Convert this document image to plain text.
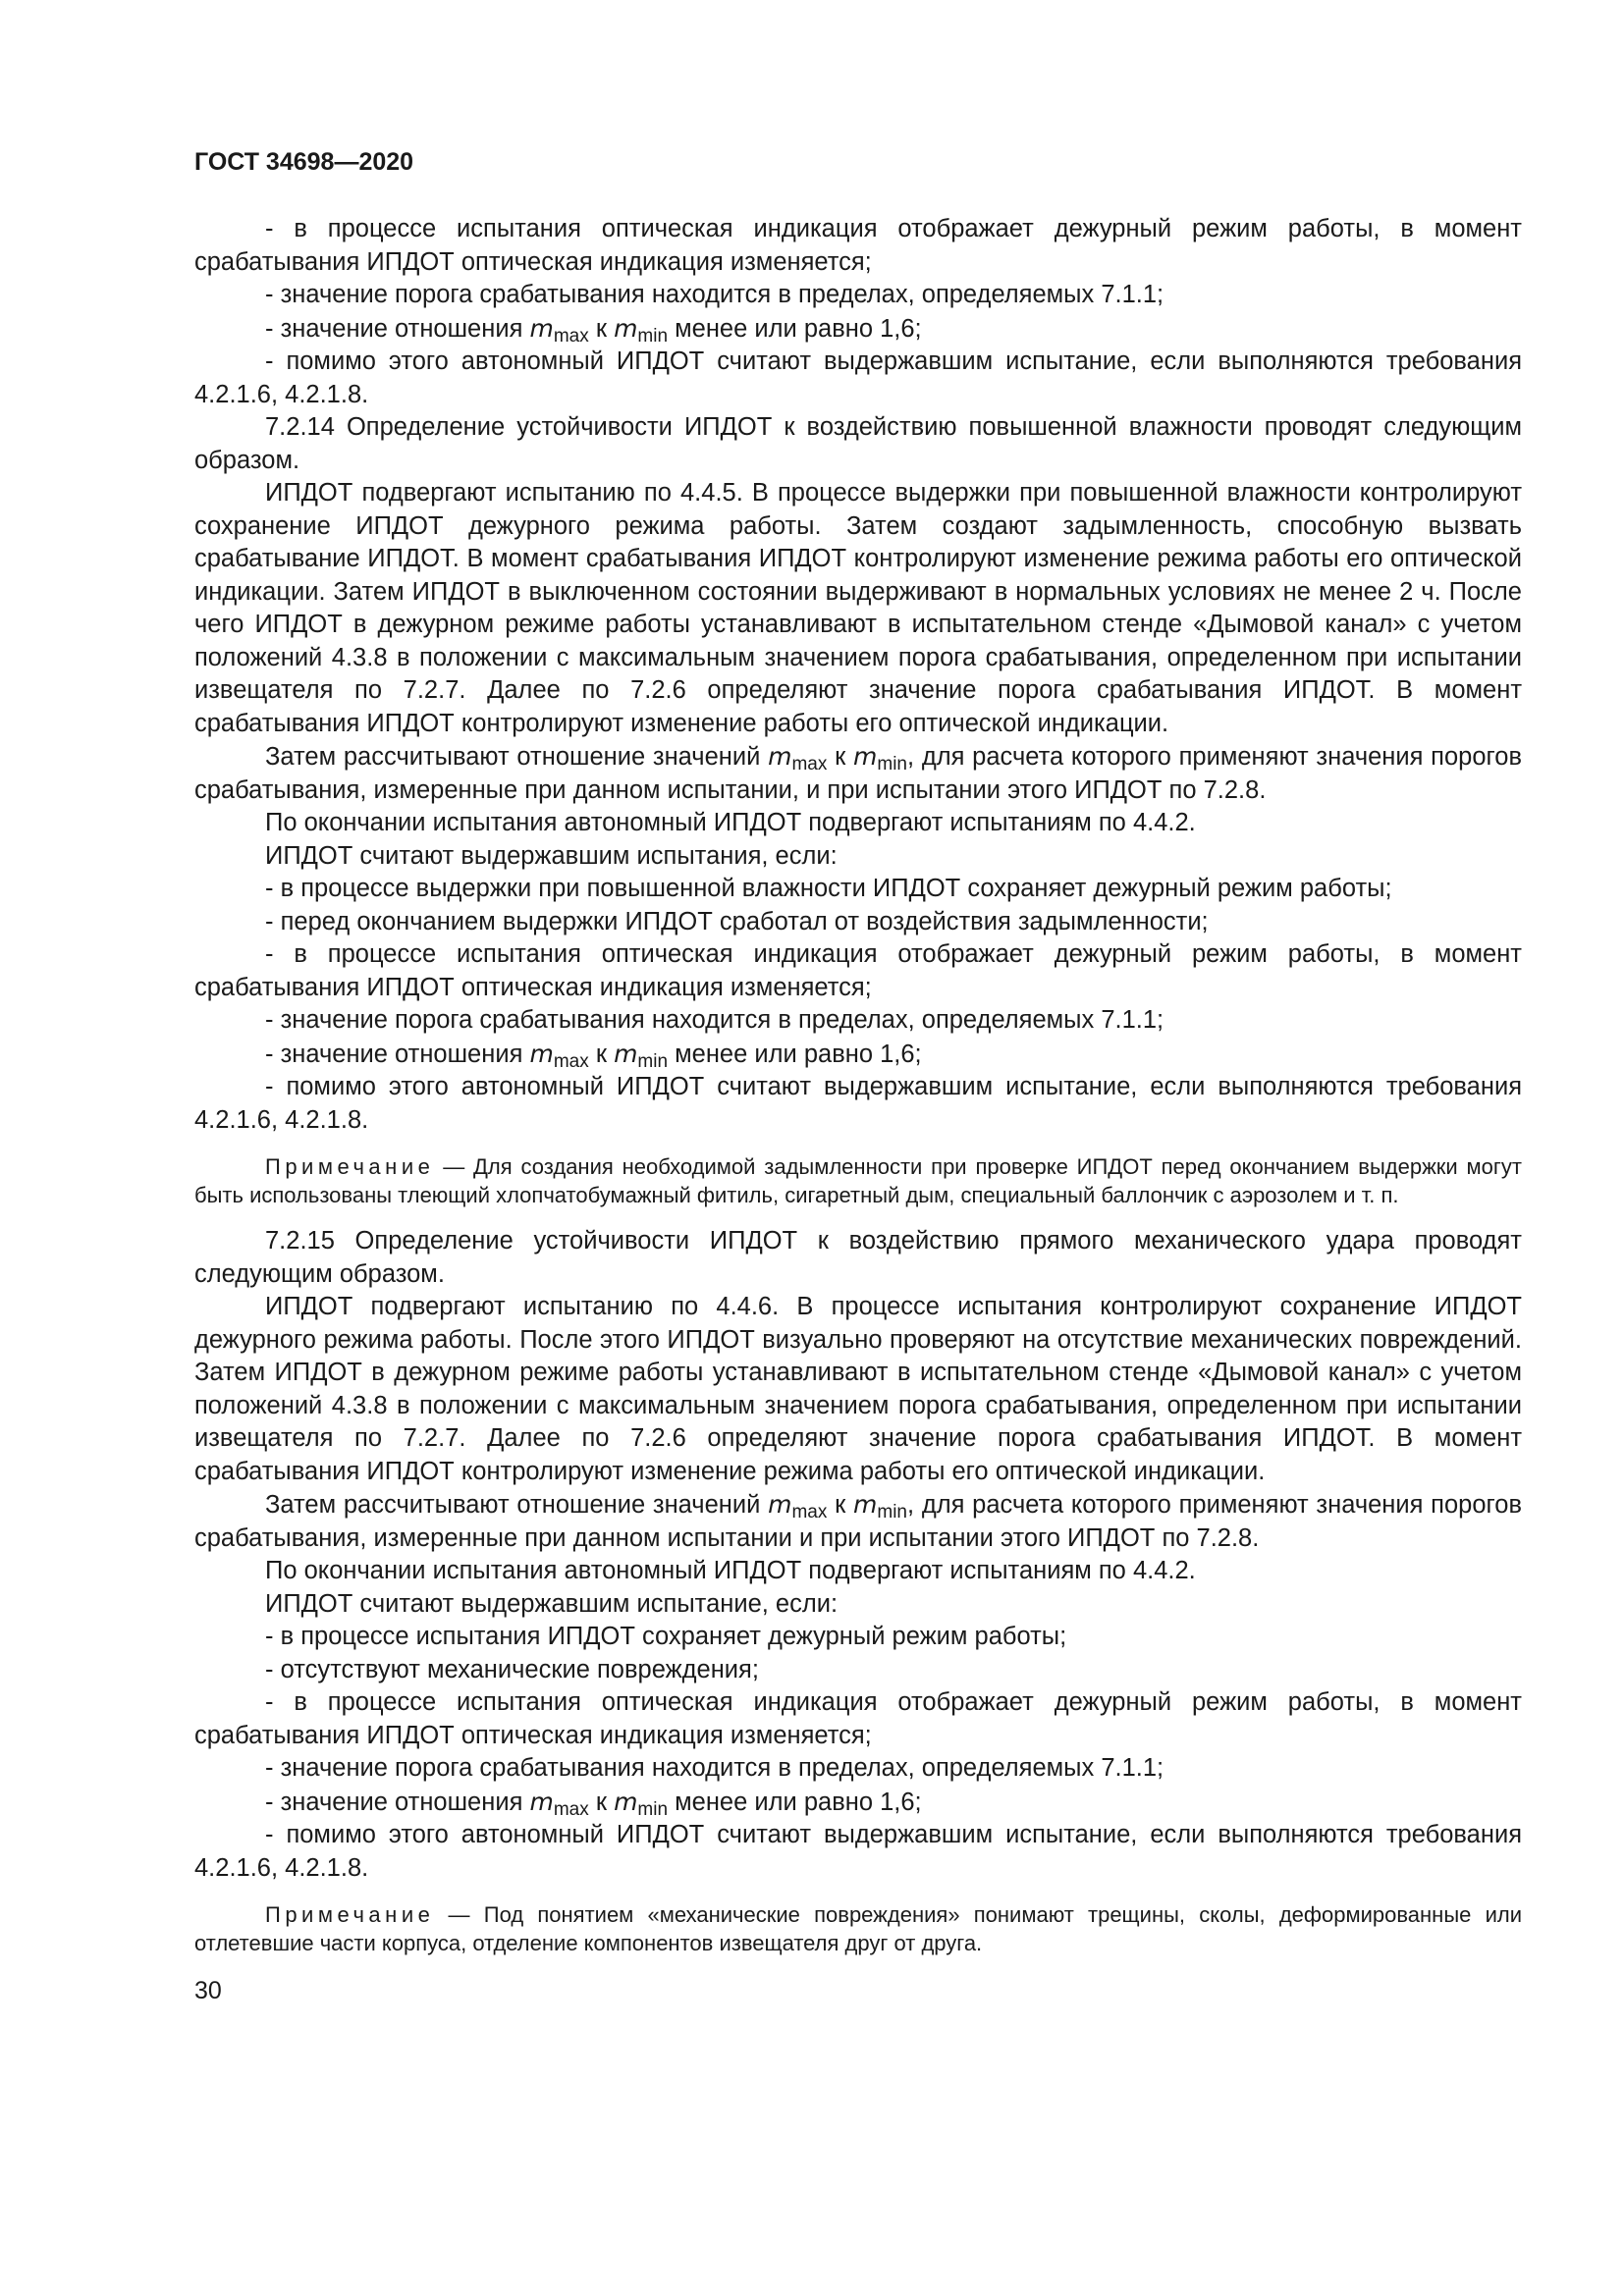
ГОСТ 34698—2020

- в процессе испытания оптическая индикация отображает дежурный режим работы, в момент срабатывания ИПДОТ оптическая индикация изменяется;

- значение порога срабатывания находится в пределах, определяемых 7.1.1;

- значение отношения $m_{max}$ к $m_{min}$ менее или равно 1,6;

- помимо этого автономный ИПДОТ считают выдержавшим испытание, если выполняются требования 4.2.1.6, 4.2.1.8.

7.2.14 Определение устойчивости ИПДОТ к воздействию повышенной влажности проводят следующим образом.

ИПДОТ подвергают испытанию по 4.4.5. В процессе выдержки при повышенной влажности контролируют сохранение ИПДОТ дежурного режима работы. Затем создают задымленность, способную вызвать срабатывание ИПДОТ. В момент срабатывания ИПДОТ контролируют изменение режима работы его оптической индикации. Затем ИПДОТ в выключенном состоянии выдерживают в нормальных условиях не менее 2 ч. После чего ИПДОТ в дежурном режиме работы устанавливают в испытательном стенде «Дымовой канал» с учетом положений 4.3.8 в положении с максимальным значением порога срабатывания, определенном при испытании извещателя по 7.2.7. Далее по 7.2.6 определяют значение порога срабатывания ИПДОТ. В момент срабатывания ИПДОТ контролируют изменение работы его оптической индикации.

Затем рассчитывают отношение значений $m_{max}$ к $m_{min}$, для расчета которого применяют значения порогов срабатывания, измеренные при данном испытании, и при испытании этого ИПДОТ по 7.2.8.

По окончании испытания автономный ИПДОТ подвергают испытаниям по 4.4.2.

ИПДОТ считают выдержавшим испытания, если:

- в процессе выдержки при повышенной влажности ИПДОТ сохраняет дежурный режим работы;

- перед окончанием выдержки ИПДОТ сработал от воздействия задымленности;

- в процессе испытания оптическая индикация отображает дежурный режим работы, в момент срабатывания ИПДОТ оптическая индикация изменяется;

- значение порога срабатывания находится в пределах, определяемых 7.1.1;

- значение отношения $m_{max}$ к $m_{min}$ менее или равно 1,6;

- помимо этого автономный ИПДОТ считают выдержавшим испытание, если выполняются требования 4.2.1.6, 4.2.1.8.

Примечание — Для создания необходимой задымленности при проверке ИПДОТ перед окончанием выдержки могут быть использованы тлеющий хлопчатобумажный фитиль, сигаретный дым, специальный баллончик с аэрозолем и т. п.

7.2.15 Определение устойчивости ИПДОТ к воздействию прямого механического удара проводят следующим образом.

ИПДОТ подвергают испытанию по 4.4.6. В процессе испытания контролируют сохранение ИПДОТ дежурного режима работы. После этого ИПДОТ визуально проверяют на отсутствие механических повреждений. Затем ИПДОТ в дежурном режиме работы устанавливают в испытательном стенде «Дымовой канал» с учетом положений 4.3.8 в положении с максимальным значением порога срабатывания, определенном при испытании извещателя по 7.2.7. Далее по 7.2.6 определяют значение порога срабатывания ИПДОТ. В момент срабатывания ИПДОТ контролируют изменение режима работы его оптической индикации.

Затем рассчитывают отношение значений $m_{max}$ к $m_{min}$, для расчета которого применяют значения порогов срабатывания, измеренные при данном испытании и при испытании этого ИПДОТ по 7.2.8.

По окончании испытания автономный ИПДОТ подвергают испытаниям по 4.4.2.

ИПДОТ считают выдержавшим испытание, если:

- в процессе испытания ИПДОТ сохраняет дежурный режим работы;

- отсутствуют механические повреждения;

- в процессе испытания оптическая индикация отображает дежурный режим работы, в момент срабатывания ИПДОТ оптическая индикация изменяется;

- значение порога срабатывания находится в пределах, определяемых 7.1.1;

- значение отношения $m_{max}$ к $m_{min}$ менее или равно 1,6;

- помимо этого автономный ИПДОТ считают выдержавшим испытание, если выполняются требования 4.2.1.6, 4.2.1.8.

Примечание — Под понятием «механические повреждения» понимают трещины, сколы, деформированные или отлетевшие части корпуса, отделение компонентов извещателя друг от друга.

30
